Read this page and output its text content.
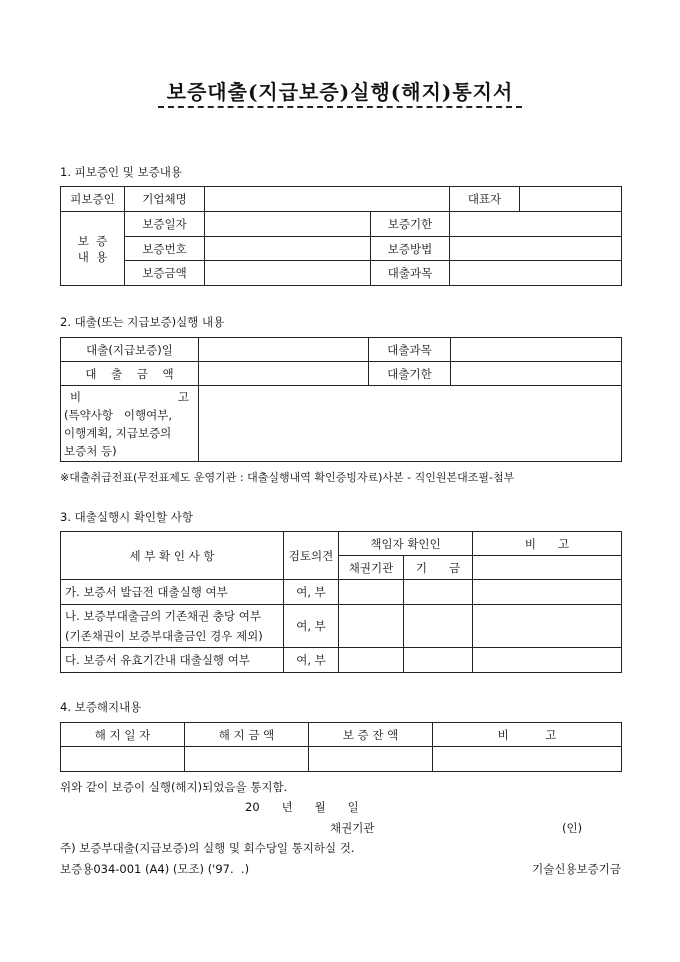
보증대출(지급보증)실행(해지)통지서
1. 피보증인 및 보증내용
피보증인	기업체명			대표자	

보  증
내  용	보증일자		보증기한		
	보증번호		보증방법		
	보증금액		대출과목		
2. 대출(또는 지급보증)실행 내용
대출(지급보증)일		대출과목	
대    출    금    액		대출기한	

비 고
(특약사항   이행여부,
이행계획, 지급보증의
보증처 등)			

※대출취급전표(무전표제도 운영기관 : 대출실행내역 확인증빙자료)사본 - 직인원본대조필-첨부
3. 대출실행시 확인할 사항
세 부 확 인 사 항	검토의견	책임자 확인인		비      고
		채권기관	기      금	
가. 보증서 발급전 대출실행 여부	여, 부			

나. 보증부대출금의 기존채권 충당 여부
(기존채권이 보증부대출금인 경우 제외)	여, 부			
다. 보증서 유효기간내 대출실행 여부	여, 부			
4. 보증해지내용
해 지 일 자	해 지 금 액	보 증 잔 액	비          고

위와 같이 보증이 실행(해지)되었음을 통지함.
20      년      월      일
채권기관	(인)
주) 보증부대출(지급보증)의 실행 및 회수당일 통지하실 것.
보증용034-001 (A4) (모조) ('97.  .)	기술신용보증기금
